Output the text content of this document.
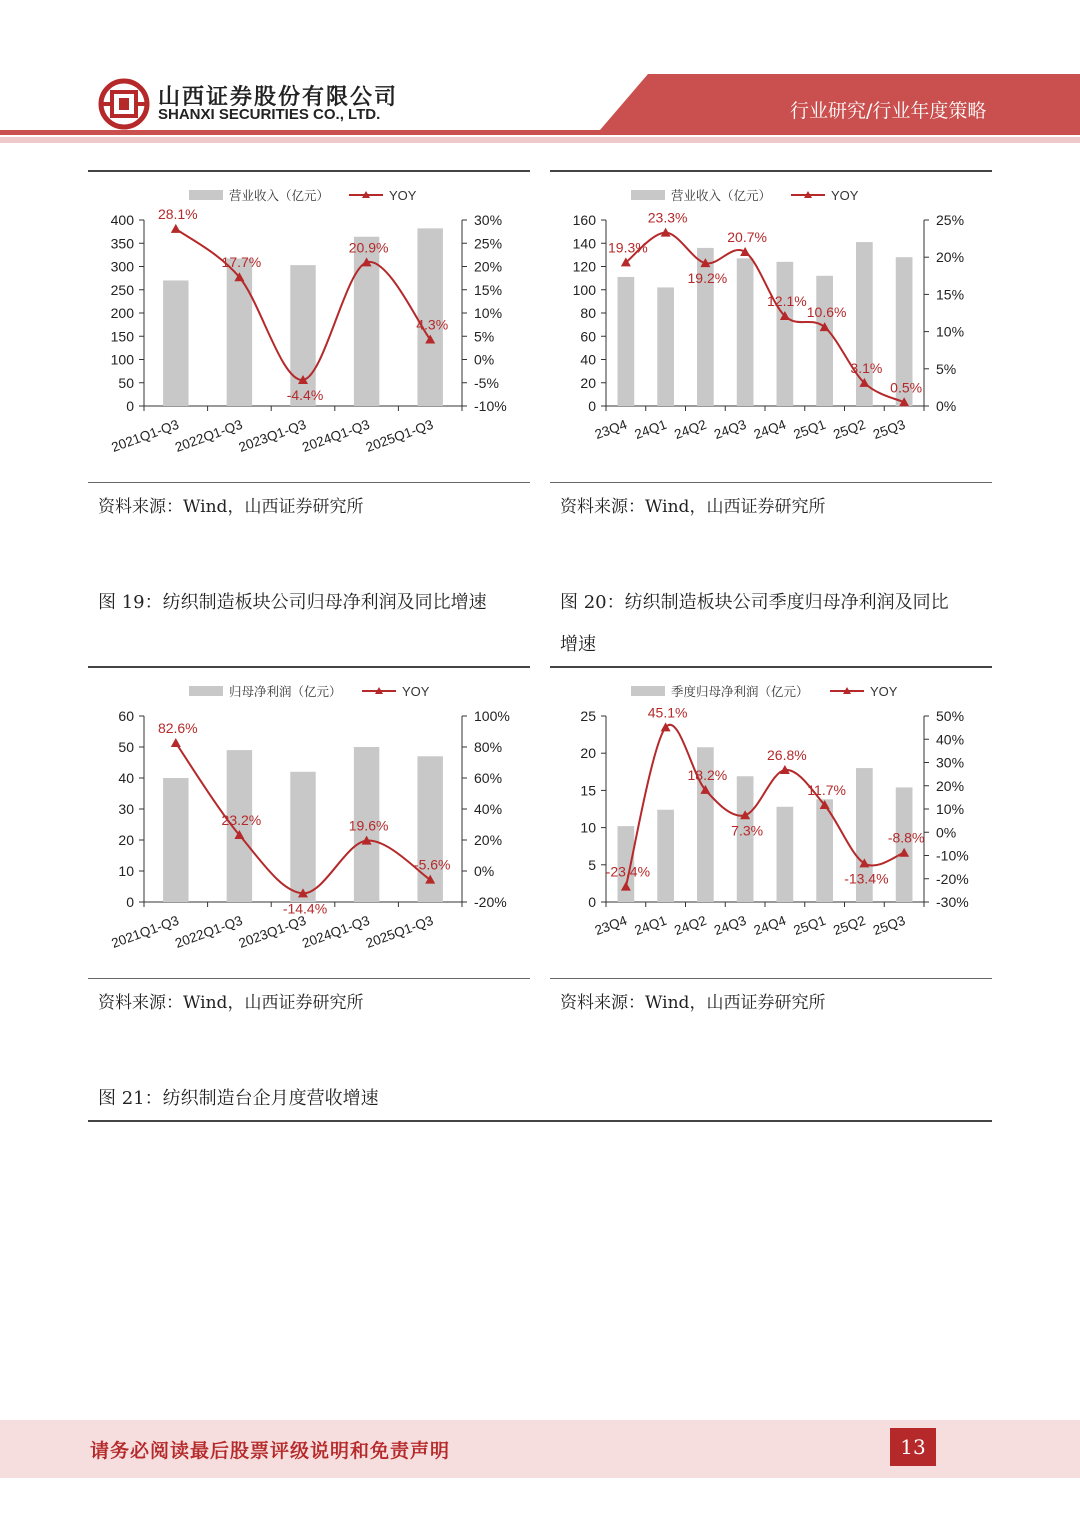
山西证券股份有限公司
SHANXI SECURITIES CO., LTD.	行业研究/行业年度策略
营业收入（亿元）	YOY
0
50
100
150
200
250
300
350
400
-10%
-5%
0%
5%
10%
15%
20%
25%
30%
2021Q1-Q3
2022Q1-Q3
2023Q1-Q3
2024Q1-Q3
2025Q1-Q3
28.1%
17.7%
-4.4%
20.9%
4.3%
营业收入（亿元）	YOY
0
20
40
60
80
100
120
140
160
0%
5%
10%
15%
20%
25%
23Q4 24Q1 24Q2 24Q3 24Q4 25Q1 25Q2 25Q3
19.3%
23.3%
19.2%
20.7%
12.1%
10.6%
3.1%
0.5%
资料来源：Wind，山西证券研究所	资料来源：Wind，山西证券研究所
图 19：纺织制造板块公司归母净利润及同比增速	图 20：纺织制造板块公司季度归母净利润及同比
增速
归母净利润（亿元）	YOY
0
10
20
30
40
50
60
-20%
0%
20%
40%
60%
80%
100%
2021Q1-Q3
2022Q1-Q3
2023Q1-Q3
2024Q1-Q3
2025Q1-Q3
82.6%
23.2%
-14.4%
19.6%
-5.6%
季度归母净利润（亿元）	YOY
0
5
10
15
20
25
-30%
-20%
-10%
0%
10%
20%
30%
40%
50%
23Q4 24Q1 24Q2 24Q3 24Q4 25Q1 25Q2 25Q3
-23.4%
45.1%
18.2%
7.3%
26.8%
11.7%
-13.4%
-8.8%
资料来源：Wind，山西证券研究所	资料来源：Wind，山西证券研究所
图 21：纺织制造台企月度营收增速
请务必阅读最后股票评级说明和免责声明	13
